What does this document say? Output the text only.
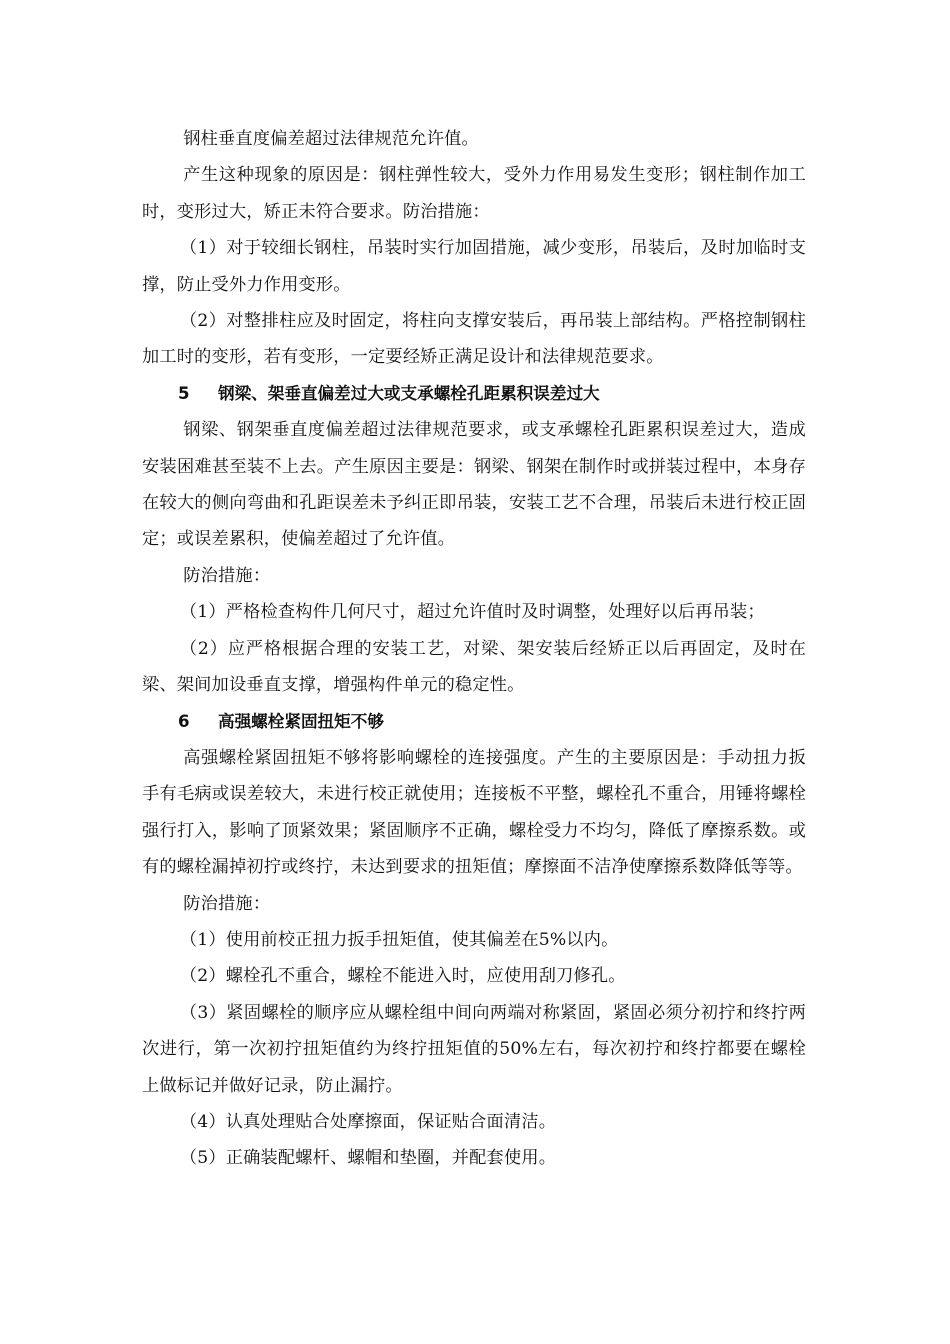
钢柱垂直度偏差超过法律规范允许值。

产生这种现象的原因是：钢柱弹性较大，受外力作用易发生变形；钢柱制作加工时，变形过大，矫正未符合要求。防治措施：

（1）对于较细长钢柱，吊装时实行加固措施，减少变形，吊装后，及时加临时支撑，防止受外力作用变形。

（2）对整排柱应及时固定，将柱向支撑安装后，再吊装上部结构。严格控制钢柱加工时的变形，若有变形，一定要经矫正满足设计和法律规范要求。

5 钢梁、架垂直偏差过大或支承螺栓孔距累积误差过大

钢梁、钢架垂直度偏差超过法律规范要求，或支承螺栓孔距累积误差过大，造成安装困难甚至装不上去。产生原因主要是：钢梁、钢架在制作时或拼装过程中，本身存在较大的侧向弯曲和孔距误差未予纠正即吊装，安装工艺不合理，吊装后未进行校正固定；或误差累积，使偏差超过了允许值。

防治措施：

（1）严格检查构件几何尺寸，超过允许值时及时调整，处理好以后再吊装；

（2）应严格根据合理的安装工艺，对梁、架安装后经矫正以后再固定，及时在梁、架间加设垂直支撑，增强构件单元的稳定性。

6 高强螺栓紧固扭矩不够

高强螺栓紧固扭矩不够将影响螺栓的连接强度。产生的主要原因是：手动扭力扳手有毛病或误差较大，未进行校正就使用；连接板不平整，螺栓孔不重合，用锤将螺栓强行打入，影响了顶紧效果；紧固顺序不正确，螺栓受力不均匀，降低了摩擦系数。或有的螺栓漏掉初拧或终拧，未达到要求的扭矩值；摩擦面不洁净使摩擦系数降低等等。

防治措施：

（1）使用前校正扭力扳手扭矩值，使其偏差在5%以内。

（2）螺栓孔不重合，螺栓不能进入时，应使用刮刀修孔。

（3）紧固螺栓的顺序应从螺栓组中间向两端对称紧固，紧固必须分初拧和终拧两次进行，第一次初拧扭矩值约为终拧扭矩值的50%左右，每次初拧和终拧都要在螺栓上做标记并做好记录，防止漏拧。

（4）认真处理贴合处摩擦面，保证贴合面清洁。

（5）正确装配螺杆、螺帽和垫圈，并配套使用。
